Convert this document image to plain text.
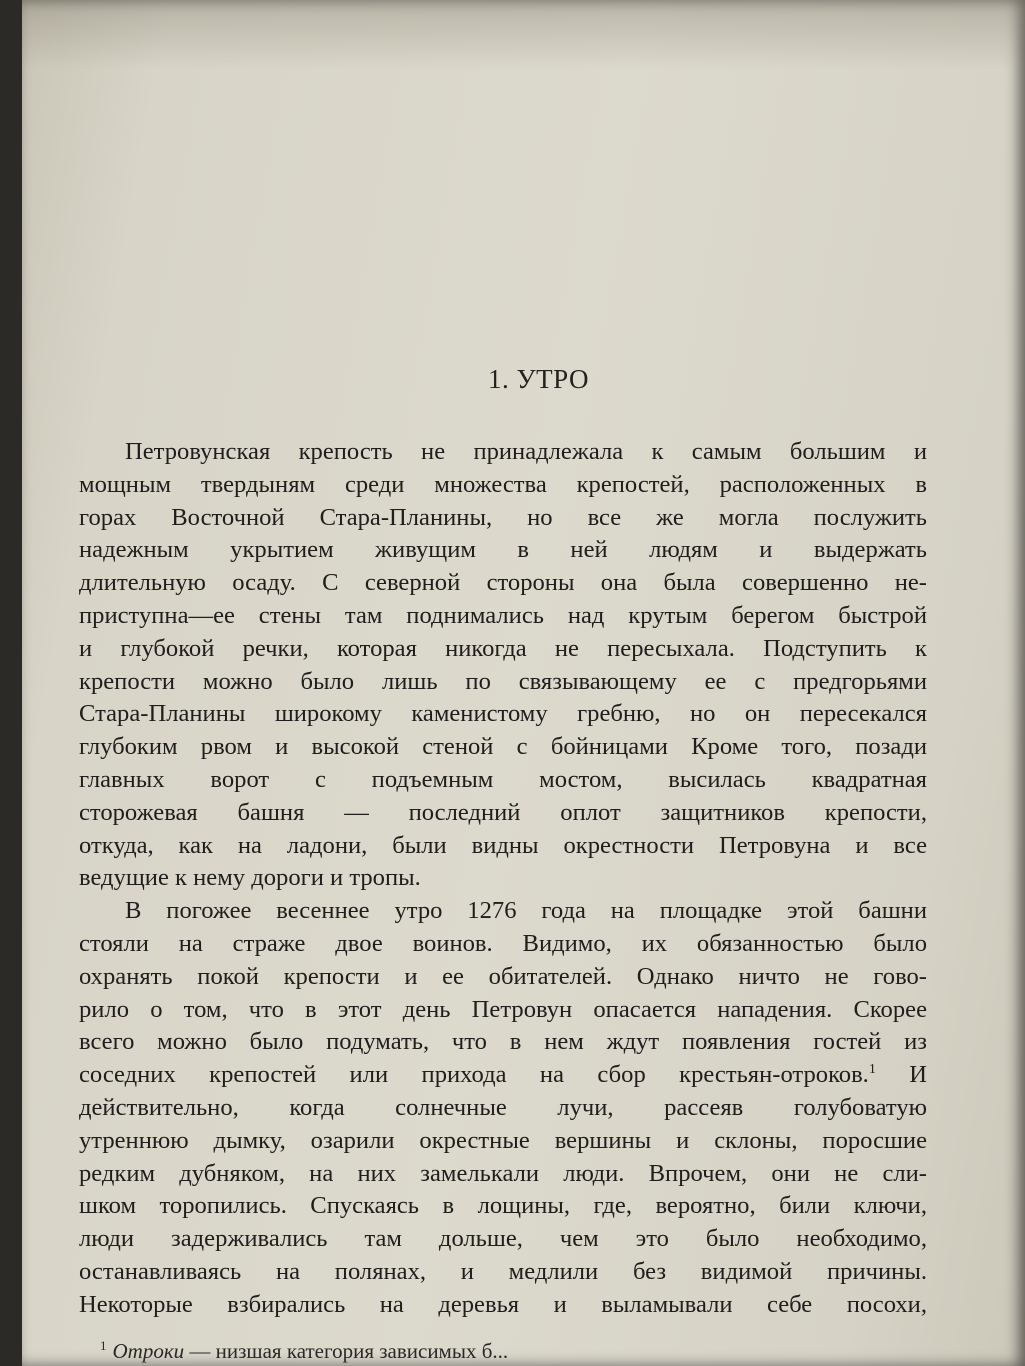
1. УТРО
Петровунская крепость не принадлежала к самым большим и
мощным твердыням среди множества крепостей, расположенных в
горах Восточной Стара-Планины, но все же могла послужить
надежным укрытием живущим в ней людям и выдержать
длительную осаду. С северной стороны она была совершенно не-
приступна—ее стены там поднимались над крутым берегом быстрой
и глубокой речки, которая никогда не пересыхала. Подступить к
крепости можно было лишь по связывающему ее с предгорьями
Стара-Планины широкому каменистому гребню, но он пересекался
глубоким рвом и высокой стеной с бойницами Кроме того, позади
главных ворот с подъемным мостом, высилась квадратная
сторожевая башня — последний оплот защитников крепости,
откуда, как на ладони, были видны окрестности Петровуна и все
ведущие к нему дороги и тропы.
В погожее весеннее утро 1276 года на площадке этой башни
стояли на страже двое воинов. Видимо, их обязанностью было
охранять покой крепости и ее обитателей. Однако ничто не гово-
рило о том, что в этот день Петровун опасается нападения. Скорее
всего можно было подумать, что в нем ждут появления гостей из
соседних крепостей или прихода на сбор крестьян-отроков.$^1$ И
действительно, когда солнечные лучи, рассеяв голубоватую
утреннюю дымку, озарили окрестные вершины и склоны, поросшие
редким дубняком, на них замелькали люди. Впрочем, они не сли-
шком торопились. Спускаясь в лощины, где, вероятно, били ключи,
люди задерживались там дольше, чем это было необходимо,
останавливаясь на полянах, и медлили без видимой причины.
Некоторые взбирались на деревья и выламывали себе посохи,
$^1$ Отроки — низшая категория зависимых б...
